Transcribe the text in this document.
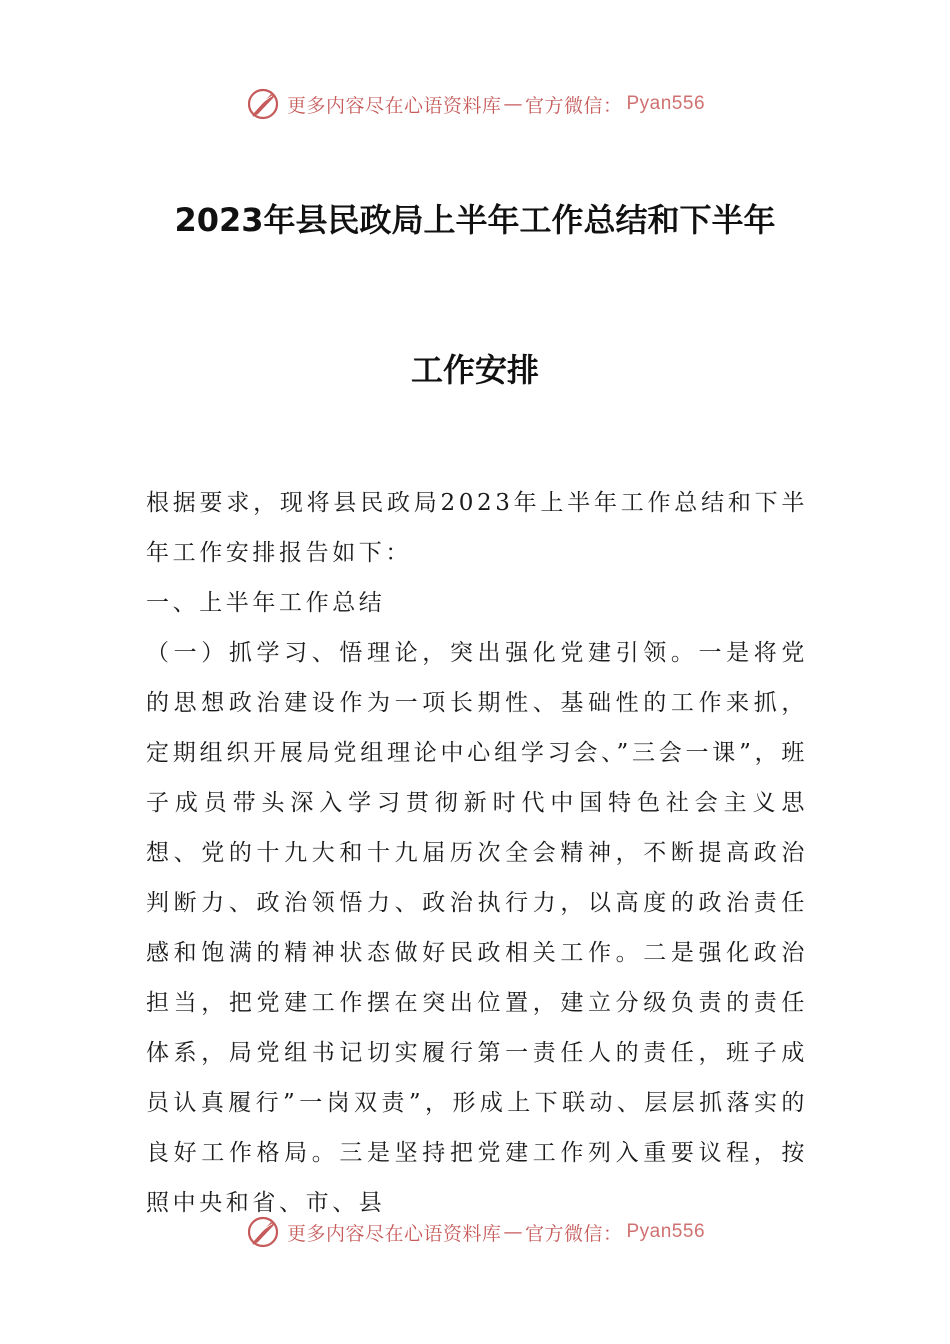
更多内容尽在心语资料库 — 官方微信： Pyan556
2023年县民政局上半年工作总结和下半年
工作安排

根据要求，现将县民政局2023年上半年工作总结和下半年工作安排报告如下：

一、上半年工作总结

（一）抓学习、悟理论，突出强化党建引领。一是将党的思想政治建设作为一项长期性、基础性的工作来抓，定期组织开展局党组理论中心组学习会、”三会一课”，班子成员带头深入学习贯彻新时代中国特色社会主义思想、党的十九大和十九届历次全会精神，不断提高政治判断力、政治领悟力、政治执行力，以高度的政治责任感和饱满的精神状态做好民政相关工作。二是强化政治担当，把党建工作摆在突出位置，建立分级负责的责任体系，局党组书记切实履行第一责任人的责任，班子成员认真履行”一岗双责”，形成上下联动、层层抓落实的良好工作格局。三是坚持把党建工作列入重要议程，按照中央和省、市、县

更多内容尽在心语资料库 — 官方微信： Pyan556
